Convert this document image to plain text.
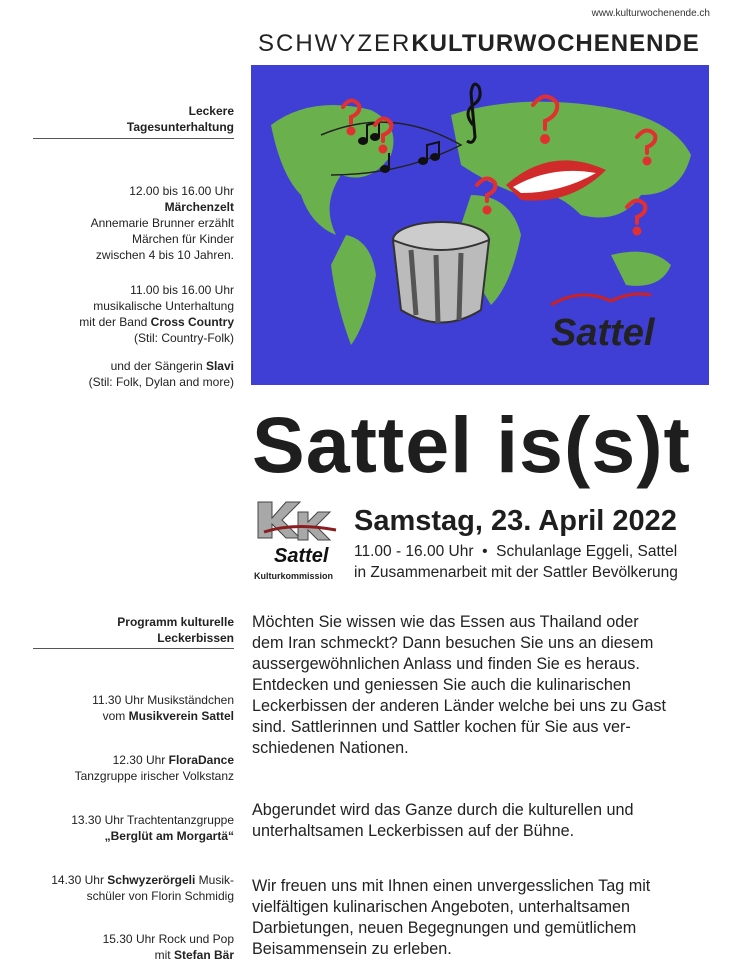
www.kulturwochenende.ch
SCHWYZERKULTURWOCHENENDE
Sattel
Leckere
Tagesunterhaltung
12.00 bis 16.00 Uhr
Märchenzelt
Annemarie Brunner erzählt
Märchen für Kinder
zwischen 4 bis 10 Jahren.
11.00 bis 16.00 Uhr
musikalische Unterhaltung
mit der Band Cross Country
(Stil: Country-Folk)
und der Sängerin Slavi
(Stil: Folk, Dylan and more)
Programm kulturelle
Leckerbissen
11.30 Uhr Musikständchen
vom Musikverein Sattel
12.30 Uhr FloraDance
Tanzgruppe irischer Volkstanz
13.30 Uhr Trachtentanzgruppe
„Berglüt am Morgartä“
14.30 Uhr Schwyzerörgeli Musik-
schüler von Florin Schmidig
15.30 Uhr Rock und Pop
mit Stefan Bär
Sattel is(s)t
Sattel
Kulturkommission
Samstag, 23. April 2022
11.00 - 16.00 Uhr • Schulanlage Eggeli, Sattel
in Zusammenarbeit mit der Sattler Bevölkerung
Möchten Sie wissen wie das Essen aus Thailand oder
dem Iran schmeckt? Dann besuchen Sie uns an diesem
aussergewöhnlichen Anlass und finden Sie es heraus.
Entdecken und geniessen Sie auch die kulinarischen
Leckerbissen der anderen Länder welche bei uns zu Gast
sind. Sattlerinnen und Sattler kochen für Sie aus ver-
schiedenen Nationen.
Abgerundet wird das Ganze durch die kulturellen und
unterhaltsamen Leckerbissen auf der Bühne.
Wir freuen uns mit Ihnen einen unvergesslichen Tag mit
vielfältigen kulinarischen Angeboten, unterhaltsamen
Darbietungen, neuen Begegnungen und gemütlichem
Beisammensein zu erleben.
